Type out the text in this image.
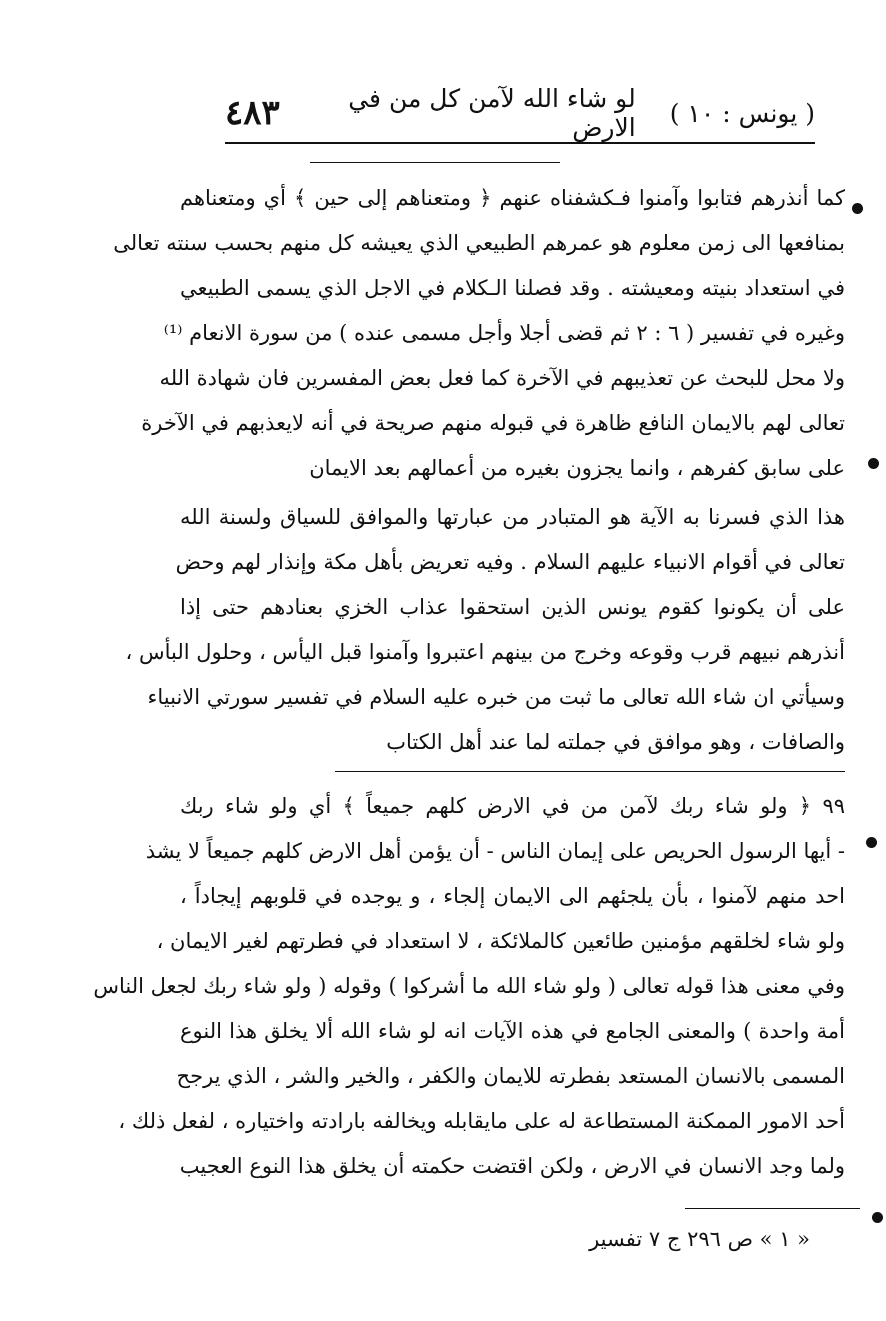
( يونس : ١٠ )
لو شاء الله لآمن كل من في الارض
٤٨٣
كما أنذرهم فتابوا وآمنوا فـكشفناه عنهم ﴿ ومتعناهم إلى حين ﴾ أي ومتعناهم
بمنافعها الى زمن معلوم هو عمرهم الطبيعي الذي يعيشه كل منهم بحسب سنته تعالى
في استعداد بنيته ومعيشته . وقد فصلنا الـكلام في الاجل الذي يسمى الطبيعي
وغيره في تفسير ( ٦ : ٢ ثم قضى أجلا وأجل مسمى عنده ) من سورة الانعام ⁽¹⁾
ولا محل للبحث عن تعذيبهم في الآخرة كما فعل بعض المفسرين فان شهادة الله
تعالى لهم بالايمان النافع ظاهرة في قبوله منهم صريحة في أنه لايعذبهم في الآخرة
على سابق كفرهم ، وانما يجزون بغيره من أعمالهم بعد الايمان
هذا الذي فسرنا به الآية هو المتبادر من عبارتها والموافق للسياق ولسنة الله
تعالى في أقوام الانبياء عليهم السلام . وفيه تعريض بأهل مكة وإنذار لهم وحض
على أن يكونوا كقوم يونس الذين استحقوا عذاب الخزي بعنادهم حتى إذا
أنذرهم نبيهم قرب وقوعه وخرج من بينهم اعتبروا وآمنوا قبل اليأس ، وحلول البأس ،
وسيأتي ان شاء الله تعالى ما ثبت من خبره عليه السلام في تفسير سورتي الانبياء
والصافات ، وهو موافق في جملته لما عند أهل الكتاب
٩٩ ﴿ ولو شاء ربك لآمن من في الارض كلهم جميعاً ﴾ أي ولو شاء ربك
- أيها الرسول الحريص على إيمان الناس - أن يؤمن أهل الارض كلهم جميعاً لا يشذ
احد منهم لآمنوا ، بأن يلجئهم الى الايمان إلجاء ، و يوجده في قلوبهم إيجاداً ،
ولو شاء لخلقهم مؤمنين طائعين كالملائكة ، لا استعداد في فطرتهم لغير الايمان ،
وفي معنى هذا قوله تعالى ( ولو شاء الله ما أشركوا ) وقوله ( ولو شاء ربك لجعل الناس
أمة واحدة ) والمعنى الجامع في هذه الآيات انه لو شاء الله ألا يخلق هذا النوع
المسمى بالانسان المستعد بفطرته للايمان والكفر ، والخير والشر ، الذي يرجح
أحد الامور الممكنة المستطاعة له على مايقابله ويخالفه بارادته واختياره ، لفعل ذلك ،
ولما وجد الانسان في الارض ، ولكن اقتضت حكمته أن يخلق هذا النوع العجيب
« ١ » ص ٢٩٦ ج ٧ تفسير
